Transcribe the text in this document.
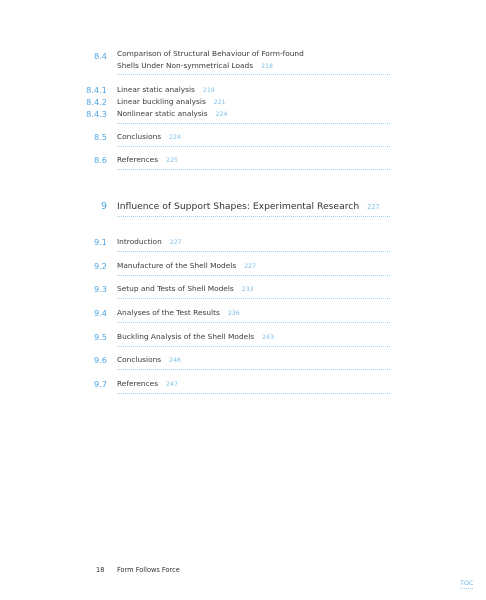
8.4 Comparison of Structural Behaviour of Form-found
Shells Under Non-symmetrical Loads 218
8.4.1 Linear static analysis 219
8.4.2 Linear buckling analysis 221
8.4.3 Nonlinear static analysis 224
8.5 Conclusions 224
8.6 References 225
9 Influence of Support Shapes: Experimental Research 227
9.1 Introduction 227
9.2 Manufacture of the Shell Models 227
9.3 Setup and Tests of Shell Models 233
9.4 Analyses of the Test Results 236
9.5 Buckling Analysis of the Shell Models 243
9.6 Conclusions 246
9.7 References 247
18 Form Follows Force
TOC
